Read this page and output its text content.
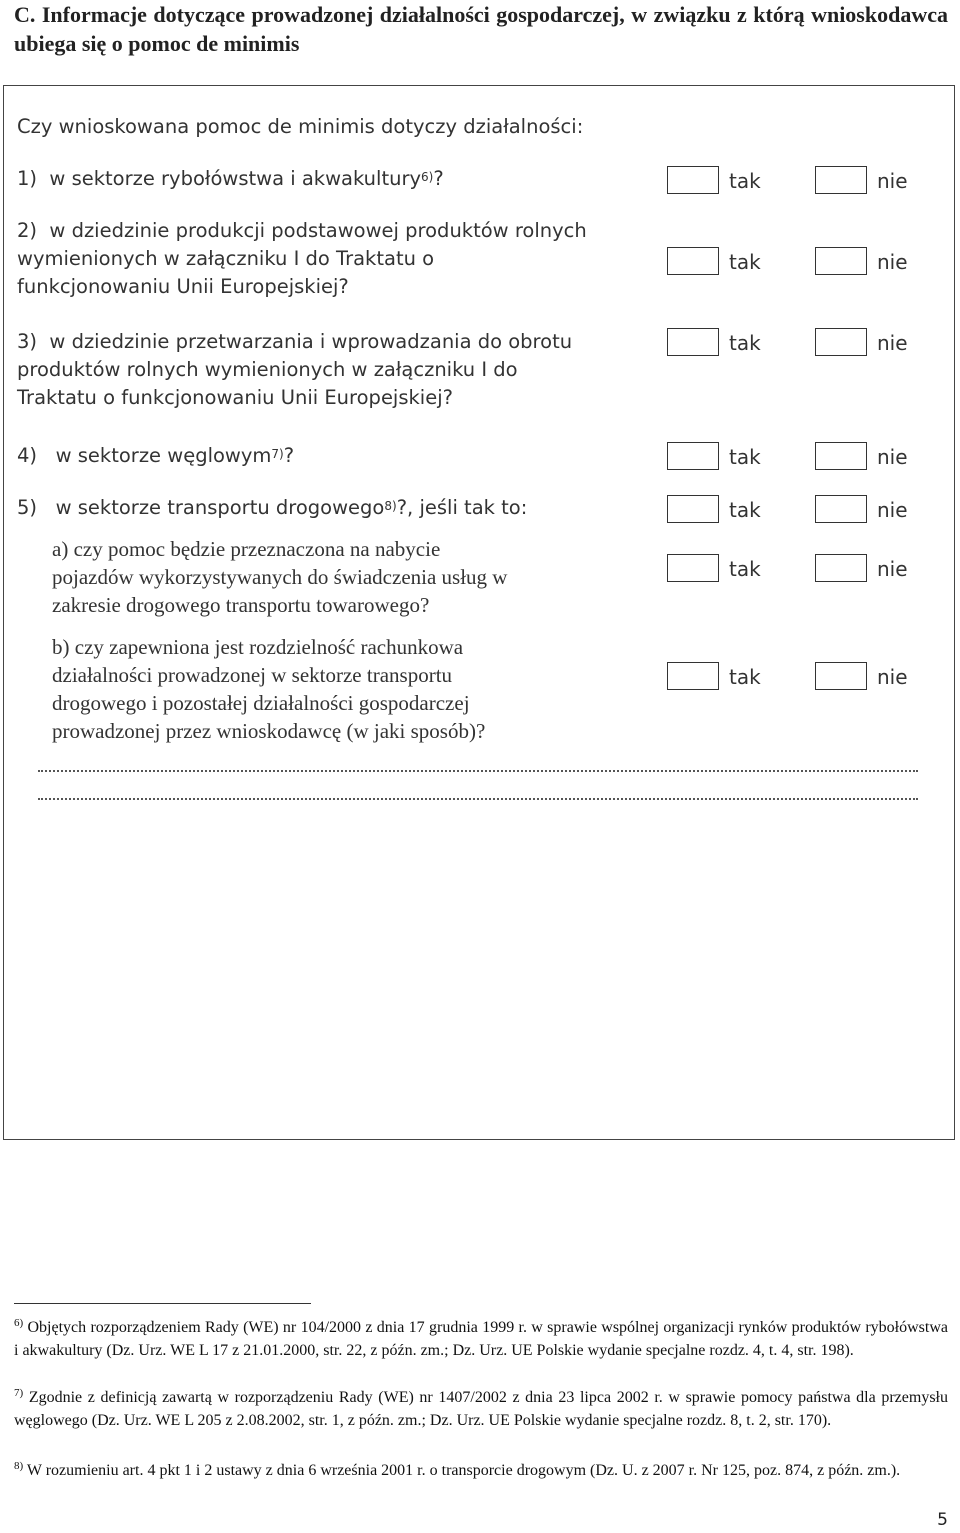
C. Informacje dotyczące prowadzonej działalności gospodarczej, w związku z którą wnioskodawca ubiega się o pomoc de minimis
Czy wnioskowana pomoc de minimis dotyczy działalności:
1) w sektorze rybołówstwa i akwakultury$^{6)}$?	tak	nie
2) w dziedzinie produkcji podstawowej produktów rolnych
wymienionych w załączniku I do Traktatu o
funkcjonowaniu Unii Europejskiej?
tak	nie
3) w dziedzinie przetwarzania i wprowadzania do obrotu
produktów rolnych wymienionych w załączniku I do
Traktatu o funkcjonowaniu Unii Europejskiej?
tak	nie
4) w sektorze węglowym$^{7)}$?	tak	nie
5) w sektorze transportu drogowego$^{8)}$?, jeśli tak to:	tak	nie
a) czy pomoc będzie przeznaczona na nabycie
pojazdów wykorzystywanych do świadczenia usług w
zakresie drogowego transportu towarowego?
tak	nie
b) czy zapewniona jest rozdzielność rachunkowa
działalności prowadzonej w sektorze transportu
drogowego i pozostałej działalności gospodarczej
prowadzonej przez wnioskodawcę (w jaki sposób)?
tak	nie
$^{6)}$ Objętych rozporządzeniem Rady (WE) nr 104/2000 z dnia 17 grudnia 1999 r. w sprawie wspólnej organizacji rynków produktów rybołówstwa i akwakultury (Dz. Urz. WE L 17 z 21.01.2000, str. 22, z późn. zm.; Dz. Urz. UE Polskie wydanie specjalne rozdz. 4, t. 4, str. 198).
$^{7)}$ Zgodnie z definicją zawartą w rozporządzeniu Rady (WE) nr 1407/2002 z dnia 23 lipca 2002 r. w sprawie pomocy państwa dla przemysłu węglowego (Dz. Urz. WE L 205 z 2.08.2002, str. 1, z późn. zm.; Dz. Urz. UE Polskie wydanie specjalne rozdz. 8, t. 2, str. 170).
$^{8)}$ W rozumieniu art. 4 pkt 1 i 2 ustawy z dnia 6 września 2001 r. o transporcie drogowym (Dz. U. z 2007 r. Nr 125, poz. 874, z późn. zm.).
5
